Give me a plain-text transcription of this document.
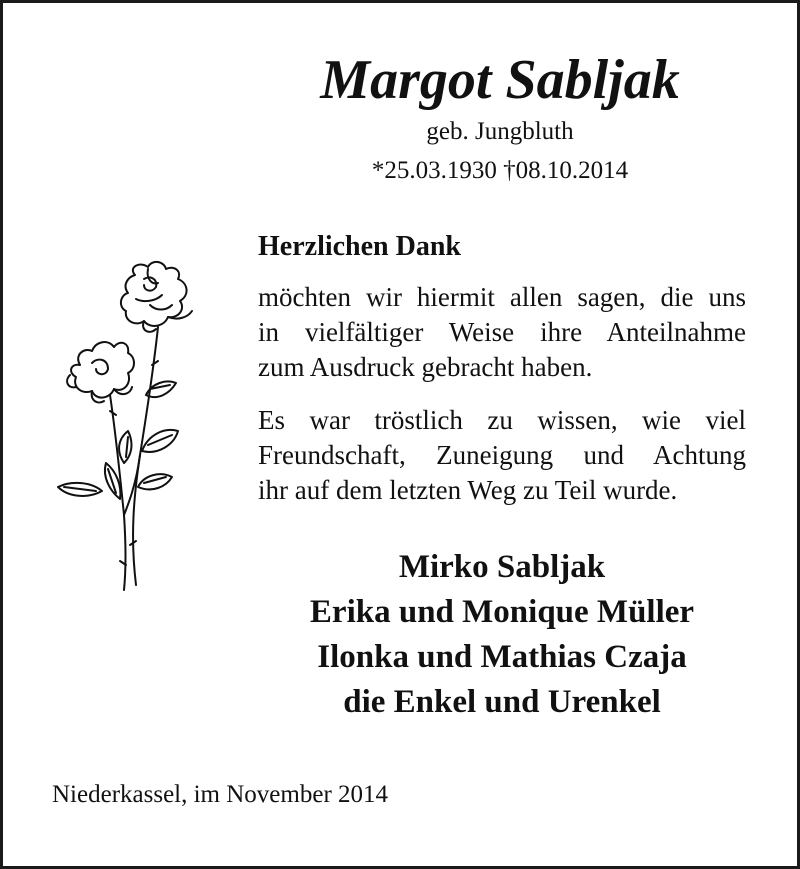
Margot Sabljak
geb. Jungbluth
*25.03.1930 †08.10.2014
Herzlichen Dank
möchten wir hiermit allen sagen, die uns
in vielfältiger Weise ihre Anteilnahme
zum Ausdruck gebracht haben.
Es war tröstlich zu wissen, wie viel
Freundschaft, Zuneigung und Achtung
ihr auf dem letzten Weg zu Teil wurde.
Mirko Sabljak
Erika und Monique Müller
Ilonka und Mathias Czaja
die Enkel und Urenkel
Niederkassel, im November 2014
